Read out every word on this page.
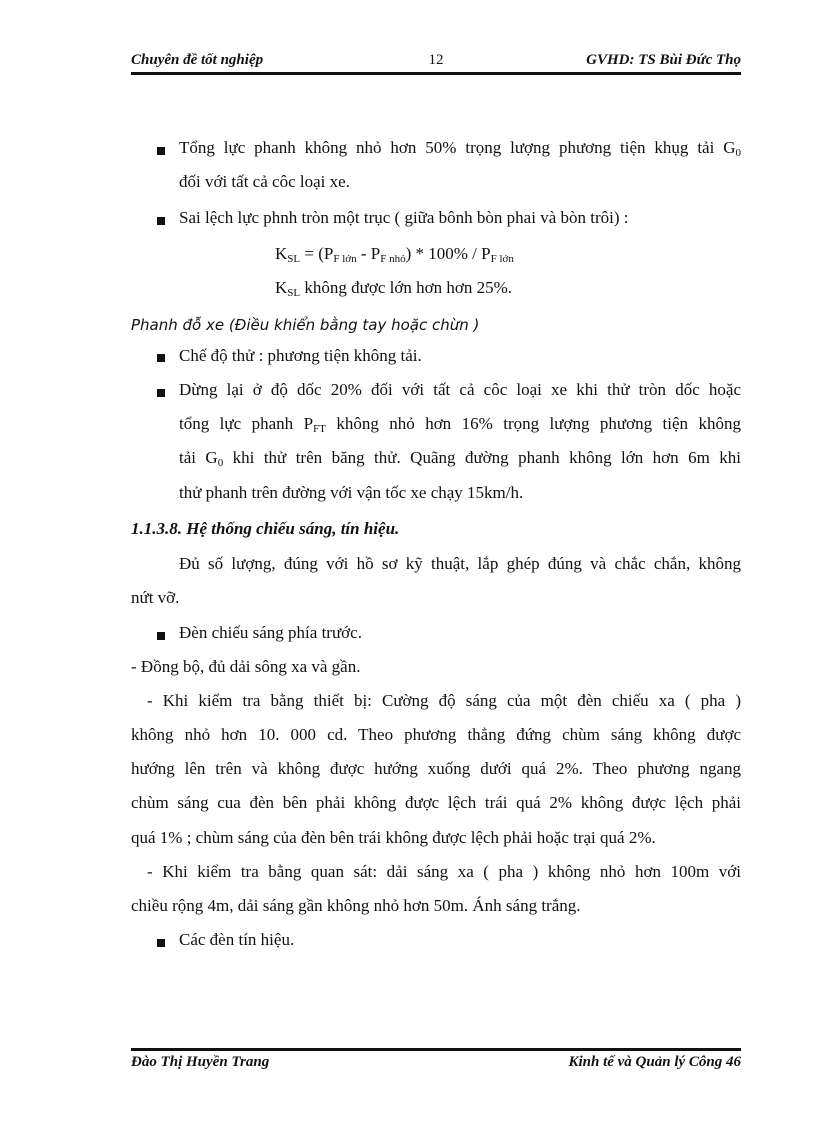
Chuyên đề tốt nghiệp	12	GVHD: TS Bùi Đức Thọ
Tổng lực phanh không nhỏ hơn 50% trọng lượng phương tiện khụg tải $G_0$
đối với tất cả côc loại xe.
Sai lệch lực phnh tròn một trục ( giữa bônh bòn phai và bòn trôi) :
$K_{SL} = (P_{F lớn} - P_{F nhỏ}) * 100\% / P_{F lớn}$
$K_{SL}$ không được lớn hơn hơn 25%.
Phanh đỗ xe (Điều khiển bằng tay hoặc chừn )
Chế độ thử : phương tiện không tải.
Dừng lại ở độ dốc 20% đối với tất cả côc loại xe khi thử tròn dốc hoặc
tổng lực phanh $P_{FT}$ không nhỏ hơn 16% trọng lượng phương tiện không
tải $G_0$ khi thử trên băng thử. Quãng đường phanh không lớn hơn 6m khi
thử phanh trên đường với vận tốc xe chạy 15km/h.
1.1.3.8. Hệ thống chiếu sáng, tín hiệu.
Đủ số lượng, đúng với hồ sơ kỹ thuật, lắp ghép đúng và chắc chắn, không
nứt vỡ.
Đèn chiếu sáng phía trước.
- Đồng bộ, đủ dải sông xa và gần.
- Khi kiểm tra bằng thiết bị: Cường độ sáng của một đèn chiếu xa ( pha )
không nhỏ hơn 10. 000 cd. Theo phương thẳng đứng chùm sáng không được
hướng lên trên và không được hướng xuống dưới quá 2%. Theo phương ngang
chùm sáng cua đèn bên phải không được lệch trái quá 2% không được lệch phải
quá 1% ; chùm sáng của đèn bên trái không được lệch phải hoặc trại quá 2%.
- Khi kiểm tra bằng quan sát: dải sáng xa ( pha ) không nhỏ hơn 100m với
chiều rộng 4m, dải sáng gần không nhỏ hơn 50m. Ánh sáng trắng.
Các đèn tín hiệu.
Đào Thị Huyền Trang	Kinh tế và Quản lý Công 46
